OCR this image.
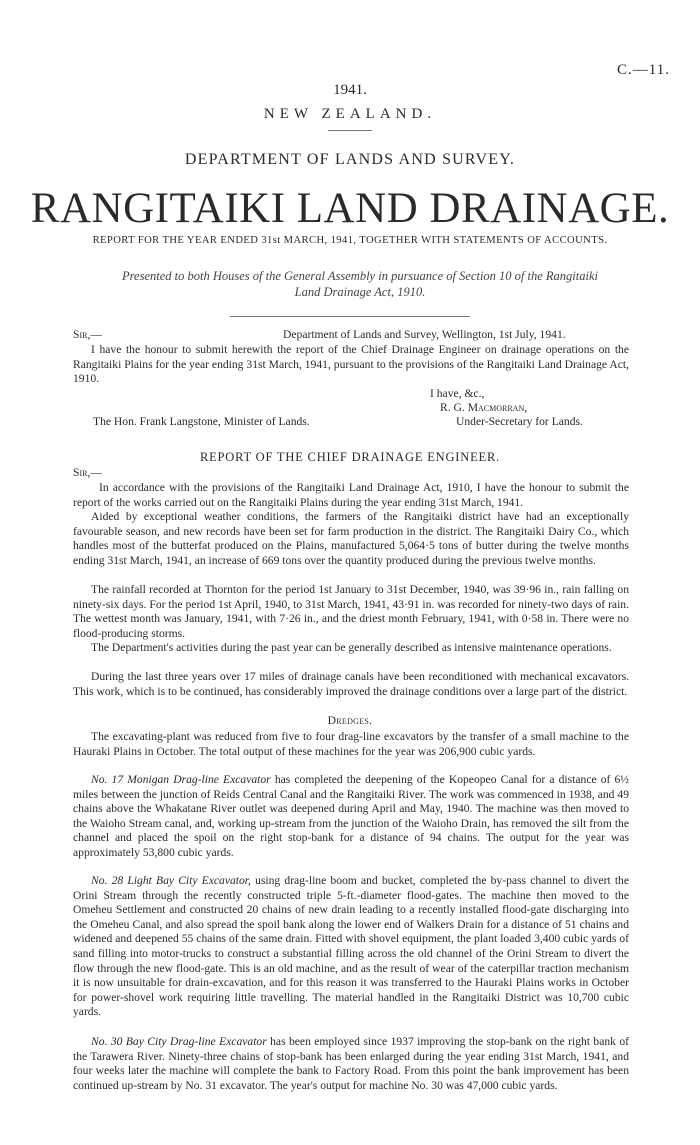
C.—11.
1941.
NEW ZEALAND.
DEPARTMENT OF LANDS AND SURVEY.
RANGITAIKI LAND DRAINAGE.
REPORT FOR THE YEAR ENDED 31st MARCH, 1941, TOGETHER WITH STATEMENTS OF ACCOUNTS.
Presented to both Houses of the General Assembly in pursuance of Section 10 of the Rangitaiki Land Drainage Act, 1910.
Sir,—	Department of Lands and Survey, Wellington, 1st July, 1941.
I have the honour to submit herewith the report of the Chief Drainage Engineer on drainage operations on the Rangitaiki Plains for the year ending 31st March, 1941, pursuant to the provisions of the Rangitaiki Land Drainage Act, 1910.
I have, &c.,
R. G. Macmorran,
The Hon. Frank Langstone, Minister of Lands.	Under-Secretary for Lands.
REPORT OF THE CHIEF DRAINAGE ENGINEER.
Sir,—
In accordance with the provisions of the Rangitaiki Land Drainage Act, 1910, I have the honour to submit the report of the works carried out on the Rangitaiki Plains during the year ending 31st March, 1941.
Aided by exceptional weather conditions, the farmers of the Rangitaiki district have had an exceptionally favourable season, and new records have been set for farm production in the district. The Rangitaiki Dairy Co., which handles most of the butterfat produced on the Plains, manufactured 5,064·5 tons of butter during the twelve months ending 31st March, 1941, an increase of 669 tons over the quantity produced during the previous twelve months.
The rainfall recorded at Thornton for the period 1st January to 31st December, 1940, was 39·96 in., rain falling on ninety-six days. For the period 1st April, 1940, to 31st March, 1941, 43·91 in. was recorded for ninety-two days of rain. The wettest month was January, 1941, with 7·26 in., and the driest month February, 1941, with 0·58 in. There were no flood-producing storms.
The Department's activities during the past year can be generally described as intensive maintenance operations.
During the last three years over 17 miles of drainage canals have been reconditioned with mechanical excavators. This work, which is to be continued, has considerably improved the drainage conditions over a large part of the district.
Dredges.
The excavating-plant was reduced from five to four drag-line excavators by the transfer of a small machine to the Hauraki Plains in October. The total output of these machines for the year was 206,900 cubic yards.
No. 17 Monigan Drag-line Excavator has completed the deepening of the Kopeopeo Canal for a distance of 6½ miles between the junction of Reids Central Canal and the Rangitaiki River. The work was commenced in 1938, and 49 chains above the Whakatane River outlet was deepened during April and May, 1940. The machine was then moved to the Waioho Stream canal, and, working up-stream from the junction of the Waioho Drain, has removed the silt from the channel and placed the spoil on the right stop-bank for a distance of 94 chains. The output for the year was approximately 53,800 cubic yards.
No. 28 Light Bay City Excavator, using drag-line boom and bucket, completed the by-pass channel to divert the Orini Stream through the recently constructed triple 5-ft.-diameter flood-gates. The machine then moved to the Omeheu Settlement and constructed 20 chains of new drain leading to a recently installed flood-gate discharging into the Omeheu Canal, and also spread the spoil bank along the lower end of Walkers Drain for a distance of 51 chains and widened and deepened 55 chains of the same drain. Fitted with shovel equipment, the plant loaded 3,400 cubic yards of sand filling into motor-trucks to construct a substantial filling across the old channel of the Orini Stream to divert the flow through the new flood-gate. This is an old machine, and as the result of wear of the caterpillar traction mechanism it is now unsuitable for drain-excavation, and for this reason it was transferred to the Hauraki Plains works in October for power-shovel work requiring little travelling. The material handled in the Rangitaiki District was 10,700 cubic yards.
No. 30 Bay City Drag-line Excavator has been employed since 1937 improving the stop-bank on the right bank of the Tarawera River. Ninety-three chains of stop-bank has been enlarged during the year ending 31st March, 1941, and four weeks later the machine will complete the bank to Factory Road. From this point the bank improvement has been continued up-stream by No. 31 excavator. The year's output for machine No. 30 was 47,000 cubic yards.
